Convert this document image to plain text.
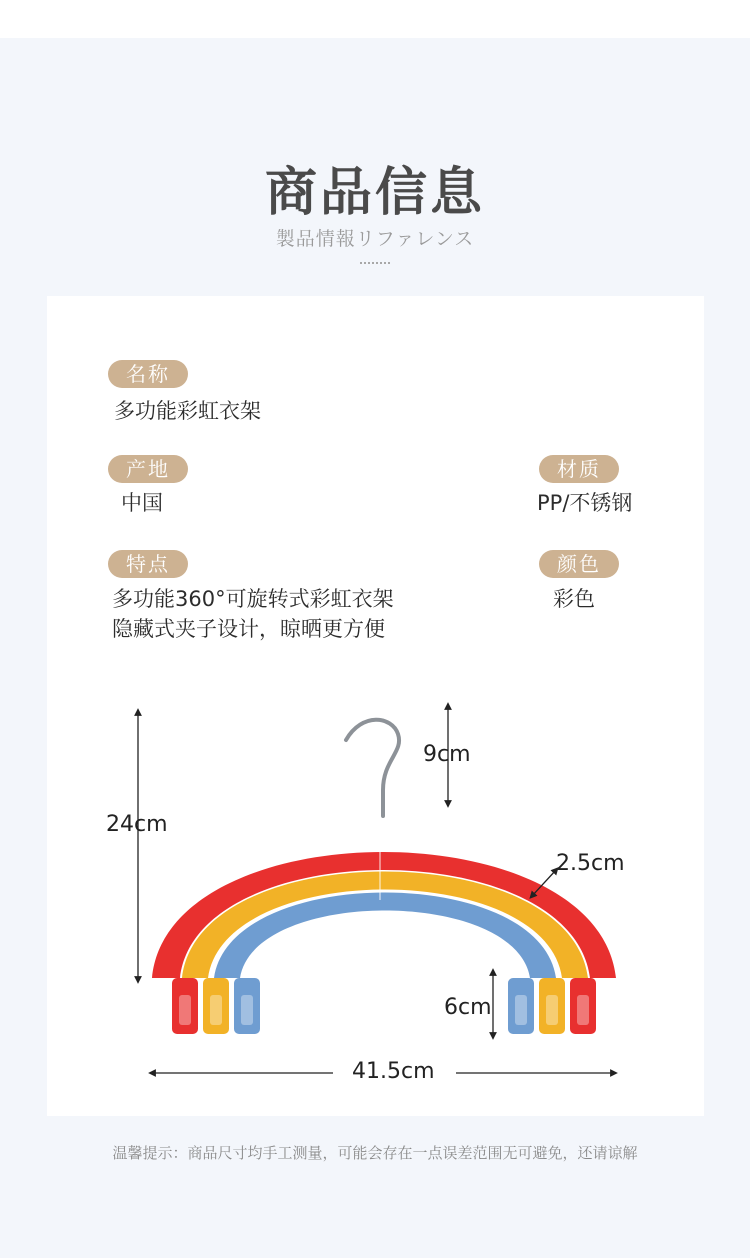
商品信息
製品情報リファレンス
名称
多功能彩虹衣架
产地
中国
材质
PP/不锈钢
特点
多功能360°可旋转式彩虹衣架
隐藏式夹子设计，晾晒更方便
颜色
彩色
24cm
9cm
2.5cm
6cm
41.5cm
温馨提示：商品尺寸均手工测量，可能会存在一点误差范围无可避免，还请谅解
